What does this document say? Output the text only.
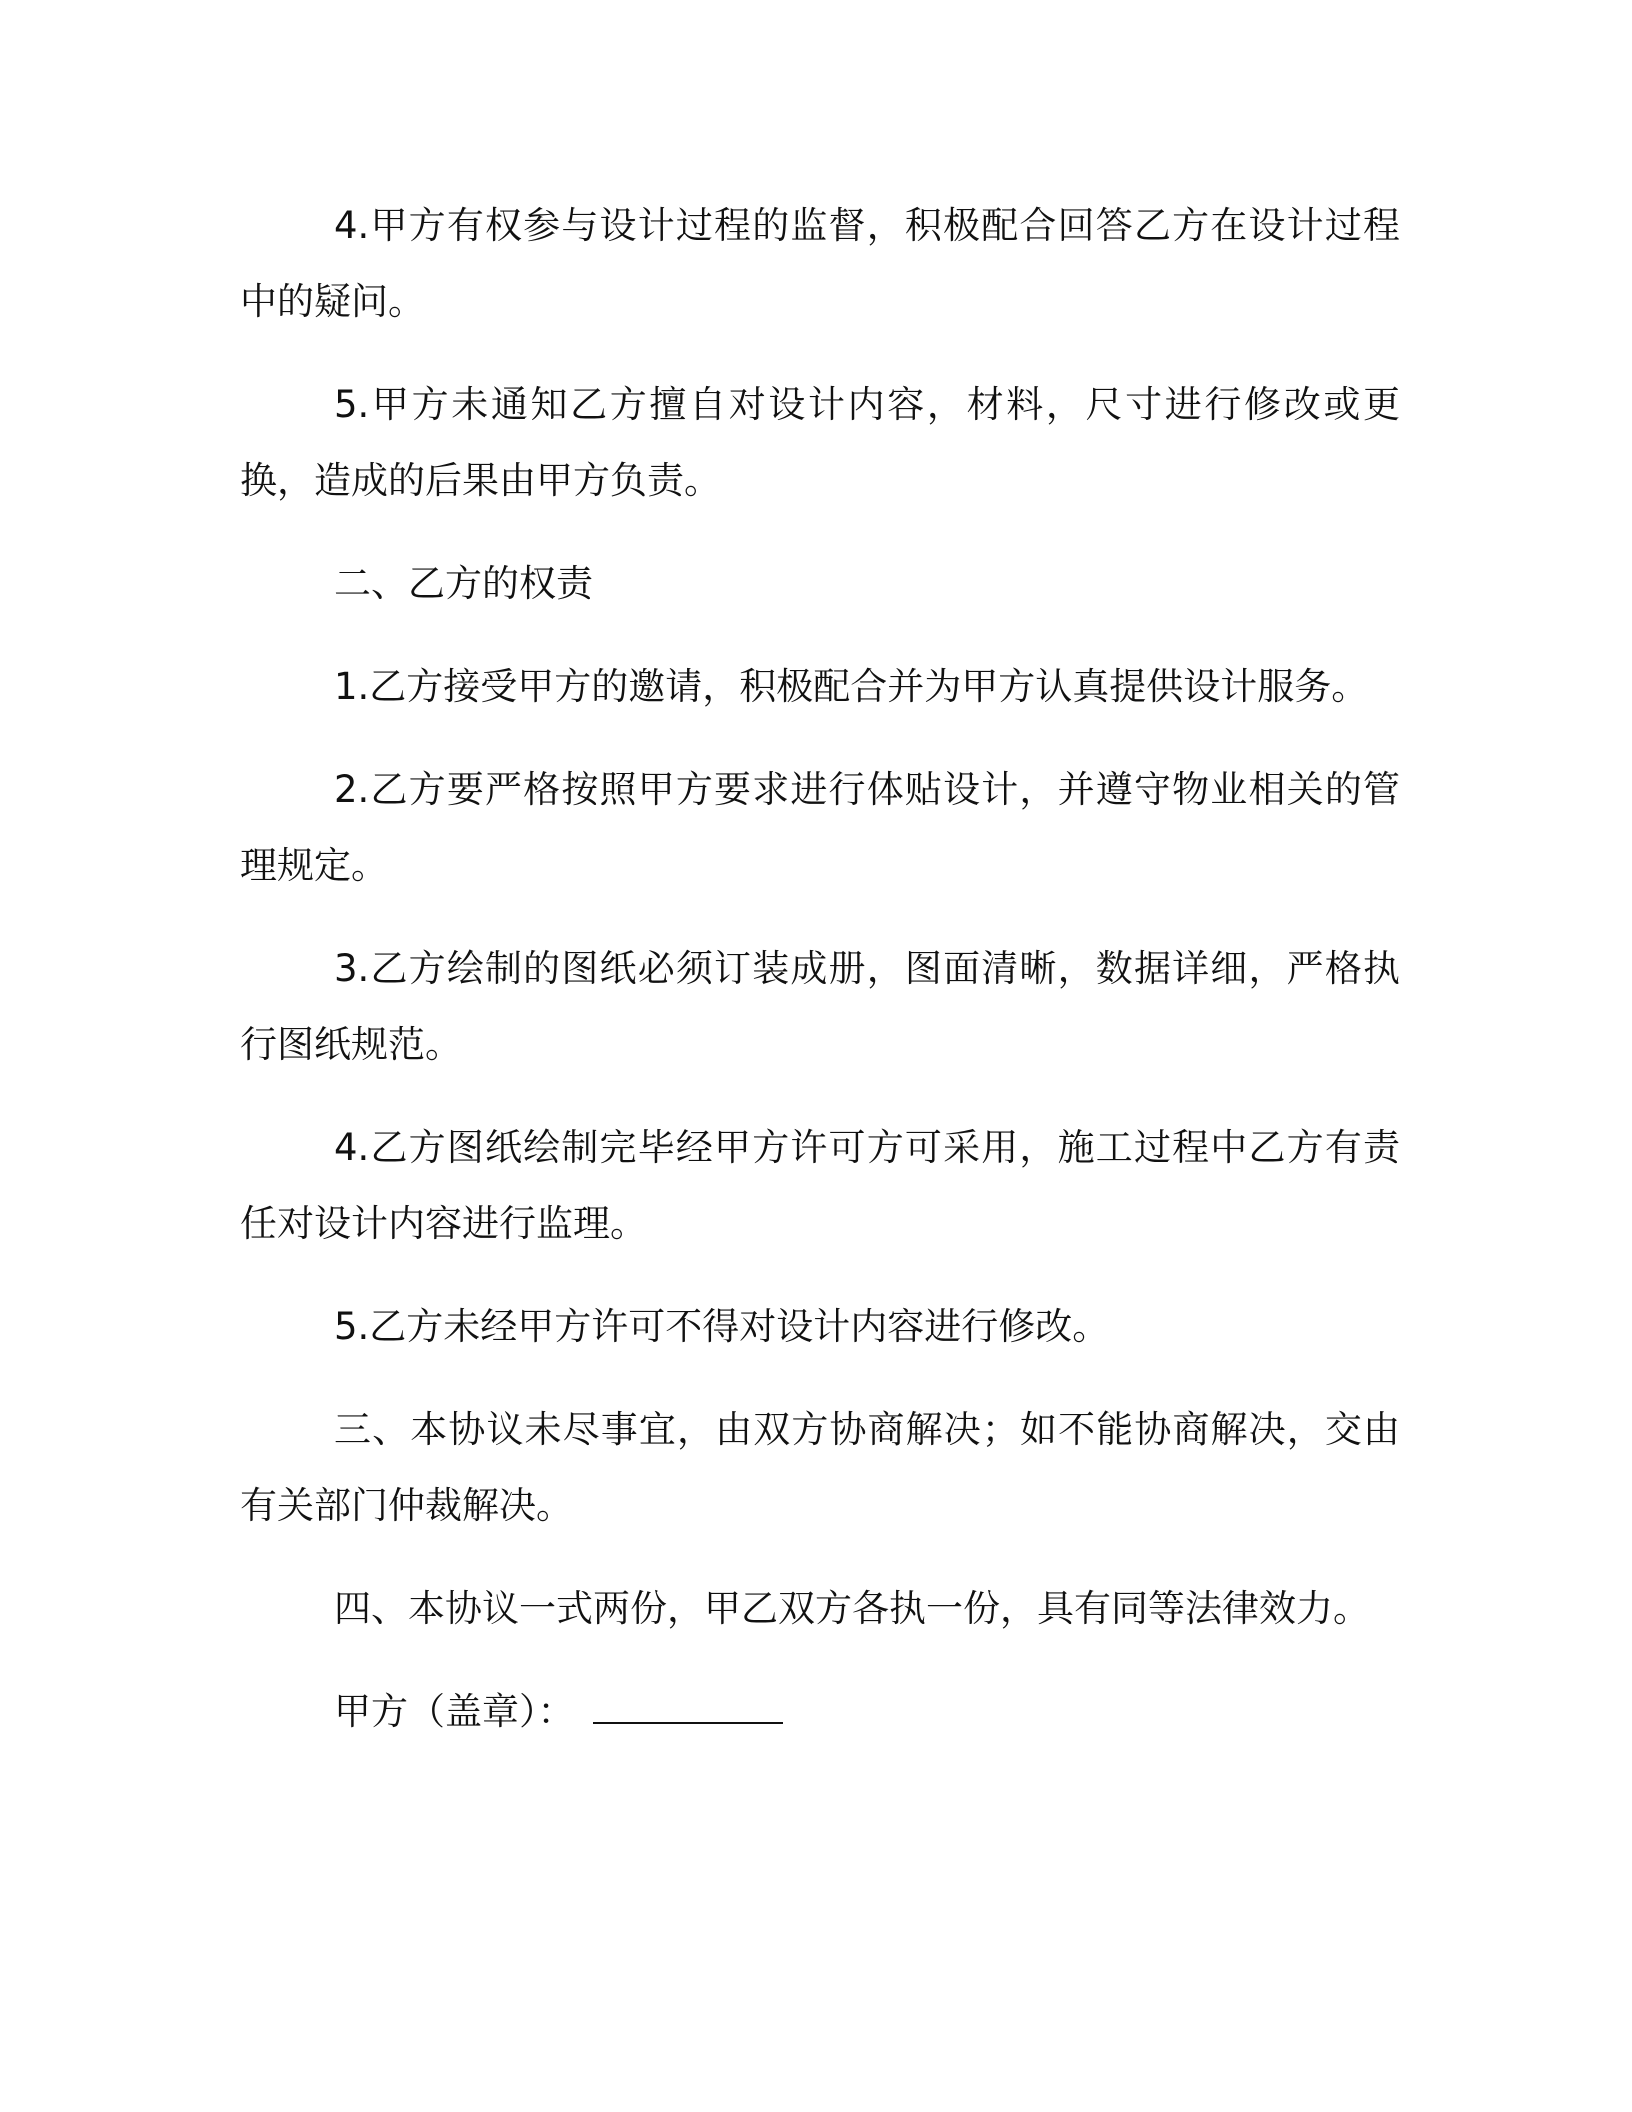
4.甲方有权参与设计过程的监督，积极配合回答乙方在设计过程中的疑问。

5.甲方未通知乙方擅自对设计内容，材料，尺寸进行修改或更换，造成的后果由甲方负责。

二、乙方的权责

1.乙方接受甲方的邀请，积极配合并为甲方认真提供设计服务。

2.乙方要严格按照甲方要求进行体贴设计，并遵守物业相关的管理规定。

3.乙方绘制的图纸必须订装成册，图面清晰，数据详细，严格执行图纸规范。

4.乙方图纸绘制完毕经甲方许可方可采用，施工过程中乙方有责任对设计内容进行监理。

5.乙方未经甲方许可不得对设计内容进行修改。

三、本协议未尽事宜，由双方协商解决；如不能协商解决，交由有关部门仲裁解决。

四、本协议一式两份，甲乙双方各执一份，具有同等法律效力。

甲方（盖章）：
